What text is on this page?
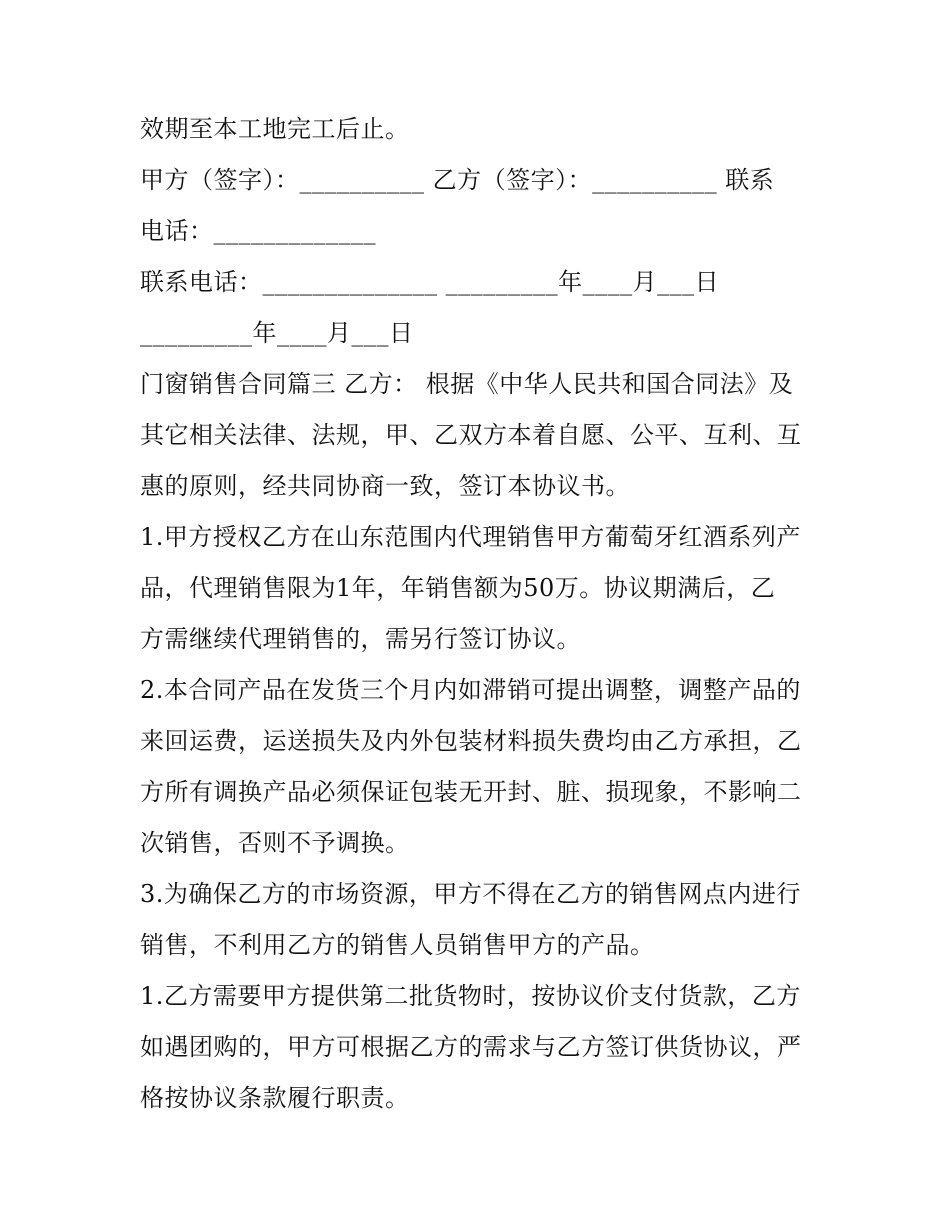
效期至本工地完工后止。
甲方（签字）：__________ 乙方（签字）：__________ 联系
电话：_____________
联系电话：______________ _________年____月___日
_________年____月___日
门窗销售合同篇三 乙方： 根据《中华人民共和国合同法》及
其它相关法律、法规，甲、乙双方本着自愿、公平、互利、互
惠的原则，经共同协商一致，签订本协议书。
1.甲方授权乙方在山东范围内代理销售甲方葡萄牙红酒系列产
品，代理销售限为1年，年销售额为50万。协议期满后，乙
方需继续代理销售的，需另行签订协议。
2.本合同产品在发货三个月内如滞销可提出调整，调整产品的
来回运费，运送损失及内外包装材料损失费均由乙方承担，乙
方所有调换产品必须保证包装无开封、脏、损现象，不影响二
次销售，否则不予调换。
3.为确保乙方的市场资源，甲方不得在乙方的销售网点内进行
销售，不利用乙方的销售人员销售甲方的产品。
1.乙方需要甲方提供第二批货物时，按协议价支付货款，乙方
如遇团购的，甲方可根据乙方的需求与乙方签订供货协议，严
格按协议条款履行职责。
